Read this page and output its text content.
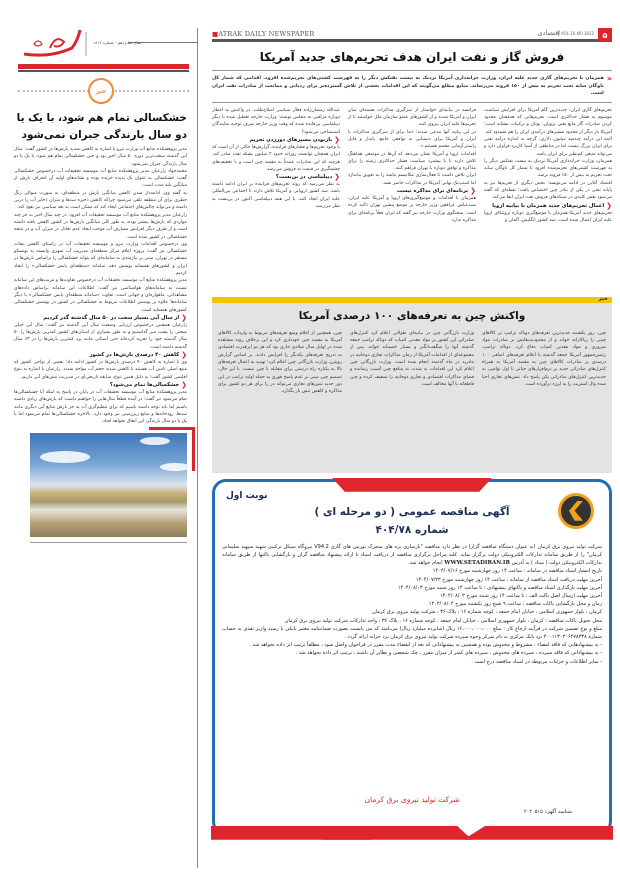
سال شانزدهم - شماره ۱۸۱۲
خبر
خشکسالی تمام هم شود، با یک یا دو سال بارندگی جبران نمی‌شود

مدیر پژوهشکده منابع آب وزارت نیرو با اشاره به کاهش شدید بارش‌ها در کشور گفت: سال آبی گذشته سخت‌ترین دوره ۵۰ سال اخیر بود و حتی خشکسالی تمام هم شود، با یک یا دو سال بارندگی جبران نمی‌شود.

محمدجواد زارعیان مدیر پژوهشکده منابع آب موسسه تحقیقات آب درخصوص خشکسالی گفت: خشکسالی به عنوان یک پدیده خزنده بوده و نشانه‌های اولیه آن انحراف بارش از میانگین بلند مدت است.

به گفته وی، ادامه‌دار شدن کاهش میانگین بارش در منطقه‌ای، به صورت متوالی زنگ خطری برای آن منطقه تلقی می‌شود چراکه کاهش ذخیره سدها و میزان ذخایر آب را دربی داشته و می‌تواند چالش‌های اجتماعی ایجاد کند که ممکن است به بعد سیاسی نیز نفوذ کند.

زارعیان مدیر پژوهشکده منابع آب موسسه تحقیقات آب افزود: در چند سال اخیر به جز چند مواردی که بارش‌ها بیشتر بوده، به طور کلی میانگین بارش‌ها در کشور کاهش یافته داشته است و از طرف دیگر افزایش مصارف آب موجب ایجاد عدم تعادل در میزان آب و در نتیجه خشکسالی در کشور شده است.

وی درخصوص اقدامات وزارت نیرو و موسسه تحقیقات آب در راستای کاهش تبعات خشکسالی نیز گفت: پروژه اعلام مرکز منطقه‌ای مدیریت آب شهری وابسته به یونسکو مستقر در تهران، مبنی بر نیازمندی به سامانه‌ای که بتواند خشکسالی را براساس بارش‌ها در ایران و کشورهای همسایه پوشش دهد، سامانه «منطقه‌ای پایش خشکسالی» را ایجاد کردیم.

مدیر پژوهشکده منابع آب موسسه تحقیقات آب درخصوص تفاوت‌ها و مزیت‌های این سامانه نسبت به سامانه‌های هواشناسی نیز گفت: اطلاعات این سامانه براساس داده‌های مشاهداتی، ماهواره‌ای و جهانی است. تفاوت «سامانه منطقه‌ای پایش خشکسالی» با دیگر سامانه‌ها علاوه بر پوشش اطلاعات مربوط به خشکسالی در کشور در پوشش خشکسالی کشورهای همسایه است.

❮
از سال آبی بسیار سخت در ۵۰ سال گذشته گذر کردیم

زارعیان همچنین درخصوص ارزیابی وضعیت سال آبی گذشته نیز گفت: سال آبی خیلی سختی را پشت سر گذاشتیم و به طور بسیاری از استان‌های کشور کمترین بارش‌ها را ۵۰ سال گذشته خود را تجربه کرده‌اند حتی استانی مانند یزد کمترین بارش‌ها را در ۶۳ سال گذشته داشته است.

❮
کاهش ۴۰ درصدی بارش‌ها در کشور

وی با اشاره به کاهش ۴۰ درصدی بارش‌ها در کشور ادامه داد: بعضی از نواحی کشور که منبع اصلی تامین آب هستند با کاهش شدید حجم آب مواجه شدند. زارعیان با اشاره به تنوع اقلیمی کشور گفت: به دلیل همین تنوع، سابقه تاریخی‌ای در مدیریت تنش‌های آبی داریم.

❮
خشکسالی‌ها تمام می‌شود؟

مدیر پژوهشکده منابع آب موسسه تحقیقات آب در پایان در پاسخ به اینکه آیا خشکسالی‌ها تمام می‌شود نیز گفت: در آینده قطعاً سال‌هایی را خواهیم داشت که بارش‌های زیادی داشته باشیم اما باید توجه داشته باشیم که برای تنظیم‌گری آب به جز بارش منابع آبی دیگری مانند سدها، رودخانه‌ها و منابع زیرزمینی نیز وجود دارد. بالاخره خشکسالی‌ها تمام می‌شود اما با یک یا دو سال بارندگی این اتفاق نخواهد افتاد.

■ATRAK DAILY NEWSPAPER	اقتصادی VOL.16,NO.1812	۵
فروش گاز و نفت ایران هدف تحریم‌های جدید آمریکا
«
همزمان با تحریم‌های گازی جدید علیه ایران، وزارت خزانه‌داری آمریکا نزدیک به بیست نفتکش دیگر را به فهرست کشتی‌های تحریم‌شده افزود. اقدامی که شمار کل ناوگان سایه تحت تحریم به بیش از ۱۵۰ فروند می‌رساند. منابع مطلع می‌گویند که این اقدامات بخشی از تلاش گسترده‌تر برای ردیابی و ممانعت از صادرات نفت ایران است.

تحریم‌های گازی ایران، جدیدترین گام آمریکا برای افزایش سیاست موسوم به فشار حداکثری است. تحریم‌هایی که هدفشان محدود کردن صادرات گاز مایع یعنی پروپان، بوتان و ترکیبات مشابه است؛ آمریکا بار دیگر از محدود مسیرهای درآمدی ایران را هم مسدود کند.

البته این درآمد چندصد میلیون دلاری، گرچه به اندازه درآمد نفتی برای ایران بزرگ نیست اما در مناطقی از آسیا کاربرد فراوان دارد و می‌تواند منبعی کم‌نظیر برای ایران باشد.

همزمان، وزارت خزانه‌داری آمریکا نزدیک به بیست نفتکش دیگر را به فهرست کشتی‌های تحریم‌شده افزود تا شمار کل ناوگان سایه تحت تحریم به بیش از ۱۵۰ فروند برسد.

اقتصاد آنلاین در ادامه می‌نویسد: بخش دیگری از تحریم‌ها نیز به پایانه نفتی در یکی از بنادر چین اختصاص یافت؛ نقطه‌ای که گفته می‌شود نقش کلیدی در شبکه‌های فروش نفت ایران ایفا می‌کند.

❮
اعمال تحریم‌های جدید همزمان با بیانیه اروپا

تحریم‌های جدید آمریکا همزمان با موضع‌گیری دوباره تروئیکای اروپا علیه ایران اعمال شده است. سه کشور انگلیس، آلمان و

فرانسه در بیانیه‌ای خواستار از سرگیری مذاکرات هسته‌ای میان ایران و آمریکا شدند و از کشورهای عضو سازمان ملل خواستند تا از تحریم‌ها علیه ایران پیروی کنند.

در این بیانیه آنها مدعی شدند: «ما برای از سرگیری مذاکرات با ایران و آمریکا برای دستیابی به توافقی جامع، پایدار و قابل راستی‌آزمایی مجمم هستیم.»

اقدامات اروپا و آمریکا نشان می‌دهد که آن‌ها در موضعی هماهنگ تلاش دارند تا با پیشبرد سیاست فشار حداکثری زمینه را برای مذاکره و توافق دوباره با تهران فراهم کنند.

ایران تلاش داشت تا فعال‌سازی مکانیسم ماشه را به تعویق بیاندازد اما اسنپ‌بک نهایی آمریکا در مذاکرات حاضر نشد.

❮
برنامه‌ای برای مذاکره نیست

همزمان با اقدامات و موضع‌گیری‌های اروپا و آمریکا علیه ایران، سیدعباس عراقچی وزیر خارجه بر موضع پیشین تهران تاکید کرده است. سخنگوی وزارت خارجه نیز گفته که ایران فعلاً برنامه‌ای برای مذاکره ندارد.

عبدالله رمضان‌زاده فعال سیاسی اصلاح‌طلب، در واکنش به اعطار دوباره مراقبی به مجلس نوشته: وزارت خارجه تعطیل شده یا دیگر دیپلماسی بی‌فایده شده که وقت وزیر خارجه صرف توجیه نمایندگان استیضاحی می‌شود؟

❮
بازبودن مسیرهای دورزدن تحریم

با وجود تحریم‌ها و فشارهای فزاینده، گزارش‌ها حاکی از آن است که ایران همچنان توانسته روزانه حدود ۲ میلیون بشکه نفت صادر کند. هرچند که این صادرات عمدتاً به مقصد چین است و با تخفیف‌های چشمگیری در قیمت به فروش می‌رسد.

❮
دیپلماسی در بن‌بست؟

به نظر می‌رسد که روند تحریم‌های فزاینده بر ایران ادامه داشته باشد. سه کشور اروپایی و آمریکا تلاش دارند تا اجماعی بین‌المللی علیه ایران ایجاد کنند. با این همه دیپلماسی اکنون در بن‌بست به نظر می‌رسد.

خبر
واکنش چین به تعرفه‌های ۱۰۰ درصدی آمریکا

چین، روز یکشنبه جدیدترین تعرفه‌های دونالد ترامپ بر کالاهای چینی را ریاکارانه خواند و از محدودیت‌هایش بر صادرات مواد ضروری و مواد معدنی کمیاب دفاع کرد. دونالد ترامپ، رئیس‌جمهور آمریکا جمعه گذشته با اعلام تعرفه‌های اضافی ۱۰۰ درصدی بر صادرات کالاهای چین به مقصد آمریکا به همراه کنترل‌های صادراتی جدید بر نرم‌افزارهای حیاتی تا اول نوامبر، به جدیدترین کنترل‌های صادراتی پکن پاسخ داد. تنش‌های تجاری احیا شده وال استریت را به لرزه درآورده است.

وزارت بازرگانی چین در بیانیه‌ای طولانی اعلام کرد کنترل‌های صادراتی این کشور بر مواد معدنی کمیاب که دونالد ترامپ جمعه گذشته آنها را شگفت‌انگیز و بسیار خصمانه خواند، پس از مجموعه‌ای از اقدامات آمریکا از زمان مذاکرات تجاری دوجانبه در مادرید در ماه گذشته انجام شده است. وزارت بازرگانی چین اعلام کرد این اقدامات به شدت به منافع چین آسیب رسانده و فضای مذاکرات اقتصادی و تجاری دوجانبه را تضعیف کرده و چین قاطعانه با آنها مخالف است.

چین، همچنین از اعلام وضع تعرفه‌های مربوط به واردات کالاهای آمریکا به مقصد چین خودداری کرد و این برخلاف روند مشاهده شده در اوایل سال میلادی جاری بود که هر دو ابرقدرت اقتصادی به تدریج تعرفه‌های یکدیگر را افزایش دادند. بر اساس گزارش رویترز، وزارت بازرگانی چین اعلام کرد: تهدید به اعمال تعرفه‌های بالا به یکباره راه درستی برای مقابله با چین نیست. با این حال، تصمیم چین مبنی بر عدم پاسخ فوری به حمله اولیه ترامپ در این دور جدید تنش‌های تجاری می‌تواند در را برای هر دو کشور برای مذاکره و کاهش تنش باز بگذارد.

نوبت اول
آگهی مناقصه عمومی ( دو مرحله ای )
شماره ۴۰۴/۷۸

شرکت تولید نیروی برق کرمان (به عنوان دستگاه مناقصه گزار) در نظر دارد مناقصه "بازسازی پره های متحرک توربین های گازی V94.2 نیروگاه سیکل ترکیبی شهید سپهبد سلیمانی کرمان" را از طریق سامانه تدارکات الکترونیکی دولت برگزار نماید. کلیه مراحل برگزاری مناقصه از دریافت اسناد تا ارائه پیشنهاد مناقصه گران و بازگشایی پاکتها از طریق سامانه تدارکات الکترونیکی دولت ( ستاد ) به آدرس WWW.SETADIRAN.IR انجام خواهد شد.

تاریخ انتشار اسناد مناقصه در سامانه : ساعت ۱۴ روز چهارشنبه مورخ ۱۴۰۴/۰۷/۱۶

آخرین مهلت دریافت اسناد مناقصه از سامانه : ساعت ۱۴ روز چهارشنبه مورخ ۱۴۰۴/۰۷/۲۳

آخرین مهلت بارگذاری اسناد مناقصه و پاکتهای پیشنهادی : تا ساعت ۱۴ روز شنبه مورخ ۱۴۰۴/۰۸/۰۳

آخرین مهلت ارسال اصل پاکت الف : تا ساعت ۱۴ روز شنبه مورخ ۱۴۰۴/۰۸/۰۳

زمان و محل بازگشایی پاکات مناقصه : ساعت ۹ صبح روز یکشنبه مورخ ۱۴۰۴/۰۸/۰۴

کرمان ، بلوار جمهوری اسلامی ، خیابان امام جمعه ، کوچه شماره ۱۶ ، پلاک ۳۶ ، شرکت تولید نیروی برق کرمان

محل تحویل پاکات مناقصه : کرمان ، بلوار جمهوری اسلامی ، خیابان امام جمعه ، کوچه شماره ۱۶ ، پلاک ۳۶ ، واحد تدارکات شرکت تولید نیروی برق کرمان

مبلغ و نوع تضمین شرکت در فرآیند ارجاع کار : مبلغ ۱۶،۰۰۰،۰۰۰،۰۰۰ ریال (شانزده میلیارد ریال) می‌باشد که می بایست بصورت ضمانتنامه معتبر بانکی یا رسید واریز نقدی به حساب شماره ۴۰۰۱۱۳۰۳۰۶۴۷۸۳۳۸ نزد بانک مرکزی به نام تمرکز وجوه سپرده شرکت تولید نیروی برق کرمان نزد خزانه ارائه گردد .

- به پیشنهادهایی که فاقد امضاء ، مشروط و مخدوش بوده و همچنین به پیشنهاداتی که بعد از انقضاء مدت مقرر در فراخوان واصل شود ، مطلقاً ترتیب اثر داده نخواهد شد .

- به پیشنهاداتی که فاقد سپرده ، سپرده های مخدوش ، سپرده های کمتر از میزان مقرر ، چک شخصی و نظایر آن باشند ، ترتیب اثر داده نخواهد شد .

- سایر اطلاعات و جزئیات مربوطه در اسناد مناقصه درج است .

شرکت تولید نیروی برق کرمان
شناسه آگهی: ۲۰۲۰۵۱۵
